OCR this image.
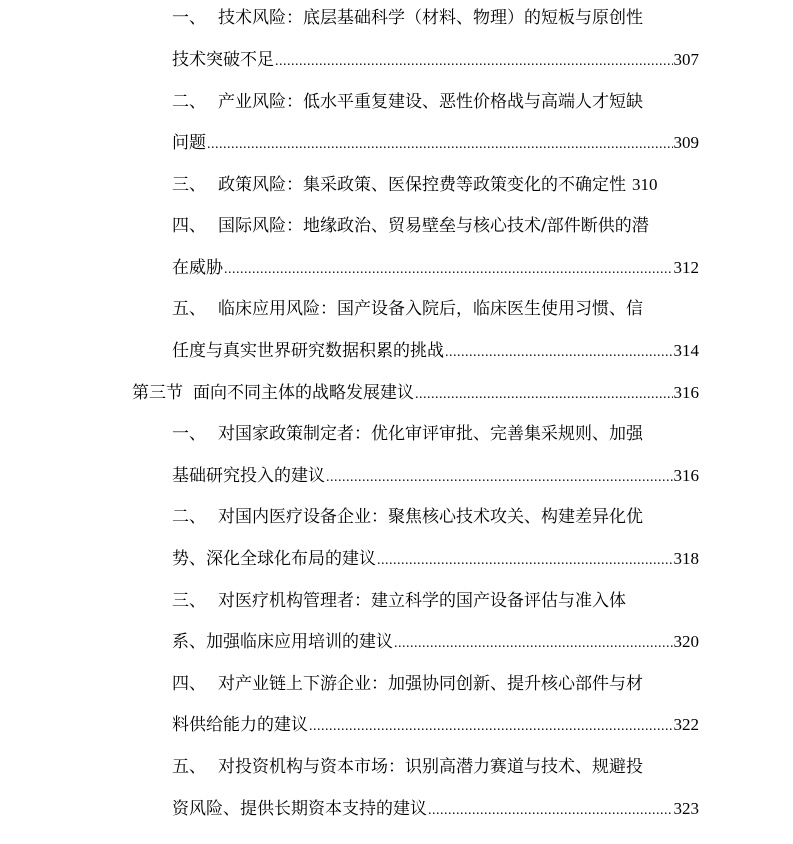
一、 技术风险：底层基础科学（材料、物理）的短板与原创性
技术突破不足 .....	307
二、 产业风险：低水平重复建设、恶性价格战与高端人才短缺
问题 .....	309
三、 政策风险：集采政策、医保控费等政策变化的不确定性 310
四、 国际风险：地缘政治、贸易壁垒与核心技术/部件断供的潜
在威胁 .....	312
五、 临床应用风险：国产设备入院后，临床医生使用习惯、信
任度与真实世界研究数据积累的挑战 .....	314
第三节 面向不同主体的战略发展建议 .....	316
一、 对国家政策制定者：优化审评审批、完善集采规则、加强
基础研究投入的建议 .....	316
二、 对国内医疗设备企业：聚焦核心技术攻关、构建差异化优
势、深化全球化布局的建议 .....	318
三、 对医疗机构管理者：建立科学的国产设备评估与准入体
系、加强临床应用培训的建议 .....	320
四、 对产业链上下游企业：加强协同创新、提升核心部件与材
料供给能力的建议 .....	322
五、 对投资机构与资本市场：识别高潜力赛道与技术、规避投
资风险、提供长期资本支持的建议 .....	323
